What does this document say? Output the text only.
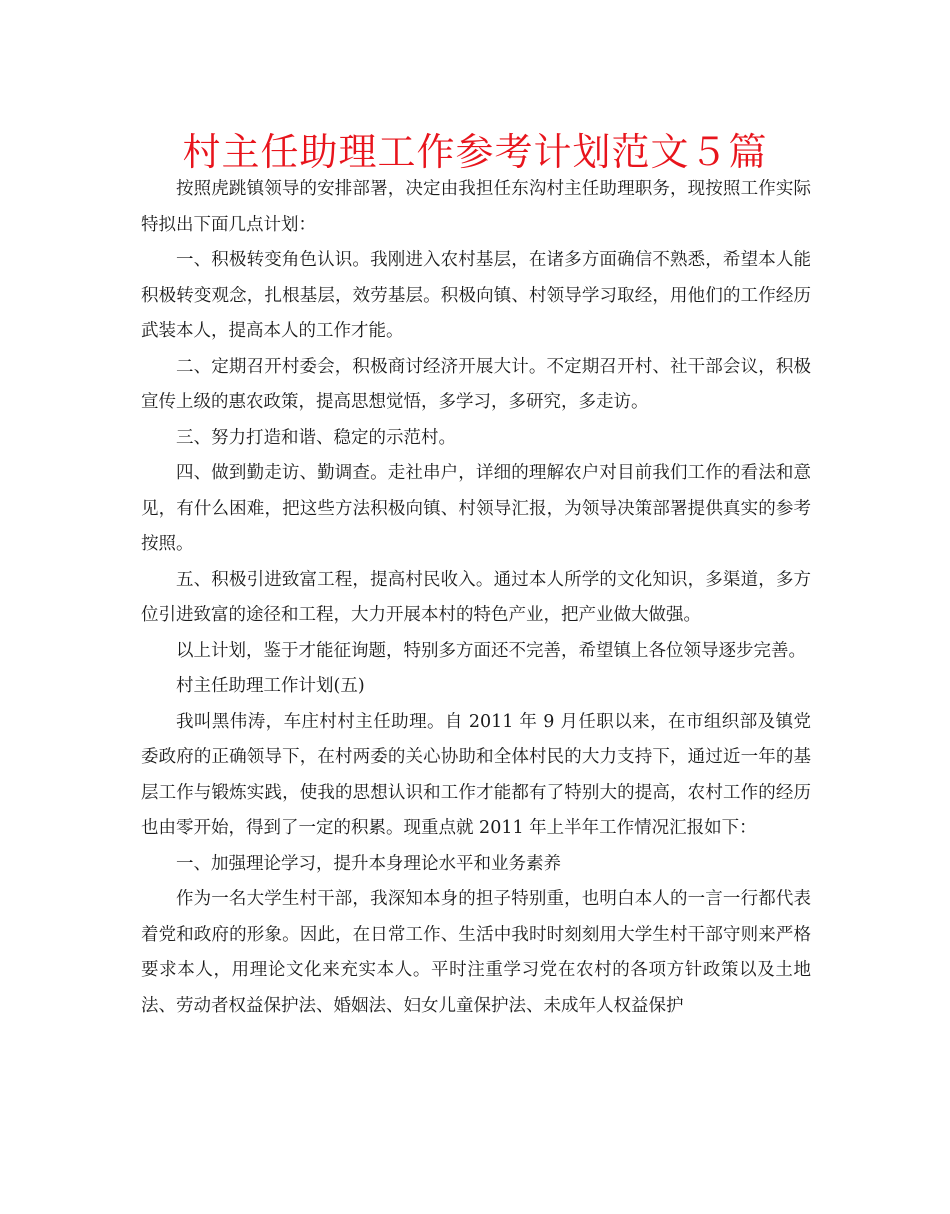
村主任助理工作参考计划范文５篇

按照虎跳镇领导的安排部署，决定由我担任东沟村主任助理职务，现按照工作实际特拟出下面几点计划：

一、积极转变角色认识。我刚进入农村基层，在诸多方面确信不熟悉，希望本人能积极转变观念，扎根基层，效劳基层。积极向镇、村领导学习取经，用他们的工作经历武装本人，提高本人的工作才能。

二、定期召开村委会，积极商讨经济开展大计。不定期召开村、社干部会议，积极宣传上级的惠农政策，提高思想觉悟，多学习，多研究，多走访。

三、努力打造和谐、稳定的示范村。

四、做到勤走访、勤调查。走社串户，详细的理解农户对目前我们工作的看法和意见，有什么困难，把这些方法积极向镇、村领导汇报，为领导决策部署提供真实的参考按照。

五、积极引进致富工程，提高村民收入。通过本人所学的文化知识，多渠道，多方位引进致富的途径和工程，大力开展本村的特色产业，把产业做大做强。

以上计划，鉴于才能征询题，特别多方面还不完善，希望镇上各位领导逐步完善。

村主任助理工作计划(五)

我叫黑伟涛，车庄村村主任助理。自 2011 年 9 月任职以来，在市组织部及镇党委政府的正确领导下，在村两委的关心协助和全体村民的大力支持下，通过近一年的基层工作与锻炼实践，使我的思想认识和工作才能都有了特别大的提高，农村工作的经历也由零开始，得到了一定的积累。现重点就 2011 年上半年工作情况汇报如下：

一、加强理论学习，提升本身理论水平和业务素养

作为一名大学生村干部，我深知本身的担子特别重，也明白本人的一言一行都代表着党和政府的形象。因此，在日常工作、生活中我时时刻刻用大学生村干部守则来严格要求本人，用理论文化来充实本人。平时注重学习党在农村的各项方针政策以及土地法、劳动者权益保护法、婚姻法、妇女儿童保护法、未成年人权益保护
